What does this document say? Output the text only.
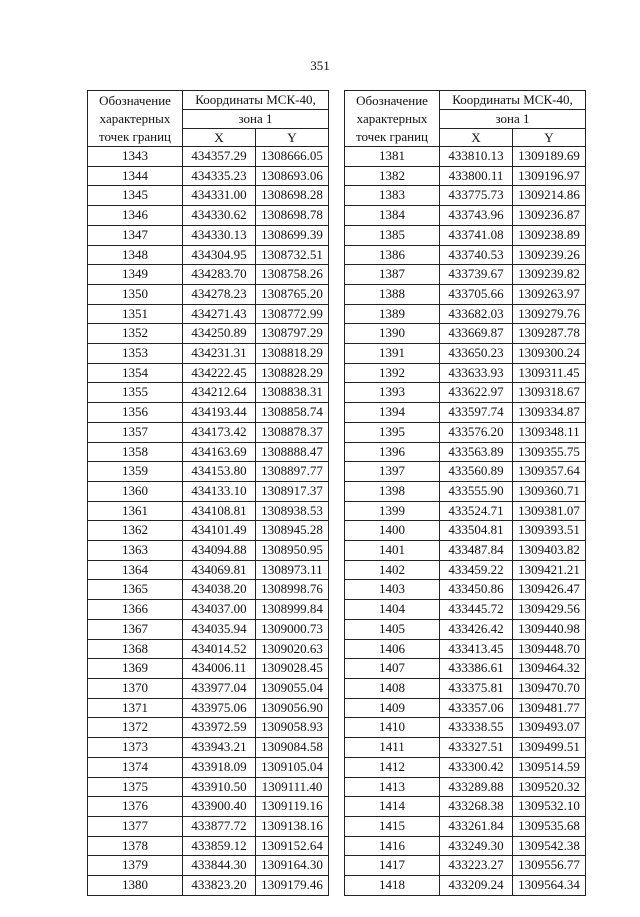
351
Обозначение
характерных
точек границ	Координаты МСК-40,	
	зона 1	
	X	Y
1343	434357.29	1308666.05
1344	434335.23	1308693.06
1345	434331.00	1308698.28
1346	434330.62	1308698.78
1347	434330.13	1308699.39
1348	434304.95	1308732.51
1349	434283.70	1308758.26
1350	434278.23	1308765.20
1351	434271.43	1308772.99
1352	434250.89	1308797.29
1353	434231.31	1308818.29
1354	434222.45	1308828.29
1355	434212.64	1308838.31
1356	434193.44	1308858.74
1357	434173.42	1308878.37
1358	434163.69	1308888.47
1359	434153.80	1308897.77
1360	434133.10	1308917.37
1361	434108.81	1308938.53
1362	434101.49	1308945.28
1363	434094.88	1308950.95
1364	434069.81	1308973.11
1365	434038.20	1308998.76
1366	434037.00	1308999.84
1367	434035.94	1309000.73
1368	434014.52	1309020.63
1369	434006.11	1309028.45
1370	433977.04	1309055.04
1371	433975.06	1309056.90
1372	433972.59	1309058.93
1373	433943.21	1309084.58
1374	433918.09	1309105.04
1375	433910.50	1309111.40
1376	433900.40	1309119.16
1377	433877.72	1309138.16
1378	433859.12	1309152.64
1379	433844.30	1309164.30
1380	433823.20	1309179.46
Обозначение
характерных
точек границ	Координаты МСК-40,	
	зона 1	
	X	Y
1381	433810.13	1309189.69
1382	433800.11	1309196.97
1383	433775.73	1309214.86
1384	433743.96	1309236.87
1385	433741.08	1309238.89
1386	433740.53	1309239.26
1387	433739.67	1309239.82
1388	433705.66	1309263.97
1389	433682.03	1309279.76
1390	433669.87	1309287.78
1391	433650.23	1309300.24
1392	433633.93	1309311.45
1393	433622.97	1309318.67
1394	433597.74	1309334.87
1395	433576.20	1309348.11
1396	433563.89	1309355.75
1397	433560.89	1309357.64
1398	433555.90	1309360.71
1399	433524.71	1309381.07
1400	433504.81	1309393.51
1401	433487.84	1309403.82
1402	433459.22	1309421.21
1403	433450.86	1309426.47
1404	433445.72	1309429.56
1405	433426.42	1309440.98
1406	433413.45	1309448.70
1407	433386.61	1309464.32
1408	433375.81	1309470.70
1409	433357.06	1309481.77
1410	433338.55	1309493.07
1411	433327.51	1309499.51
1412	433300.42	1309514.59
1413	433289.88	1309520.32
1414	433268.38	1309532.10
1415	433261.84	1309535.68
1416	433249.30	1309542.38
1417	433223.27	1309556.77
1418	433209.24	1309564.34
